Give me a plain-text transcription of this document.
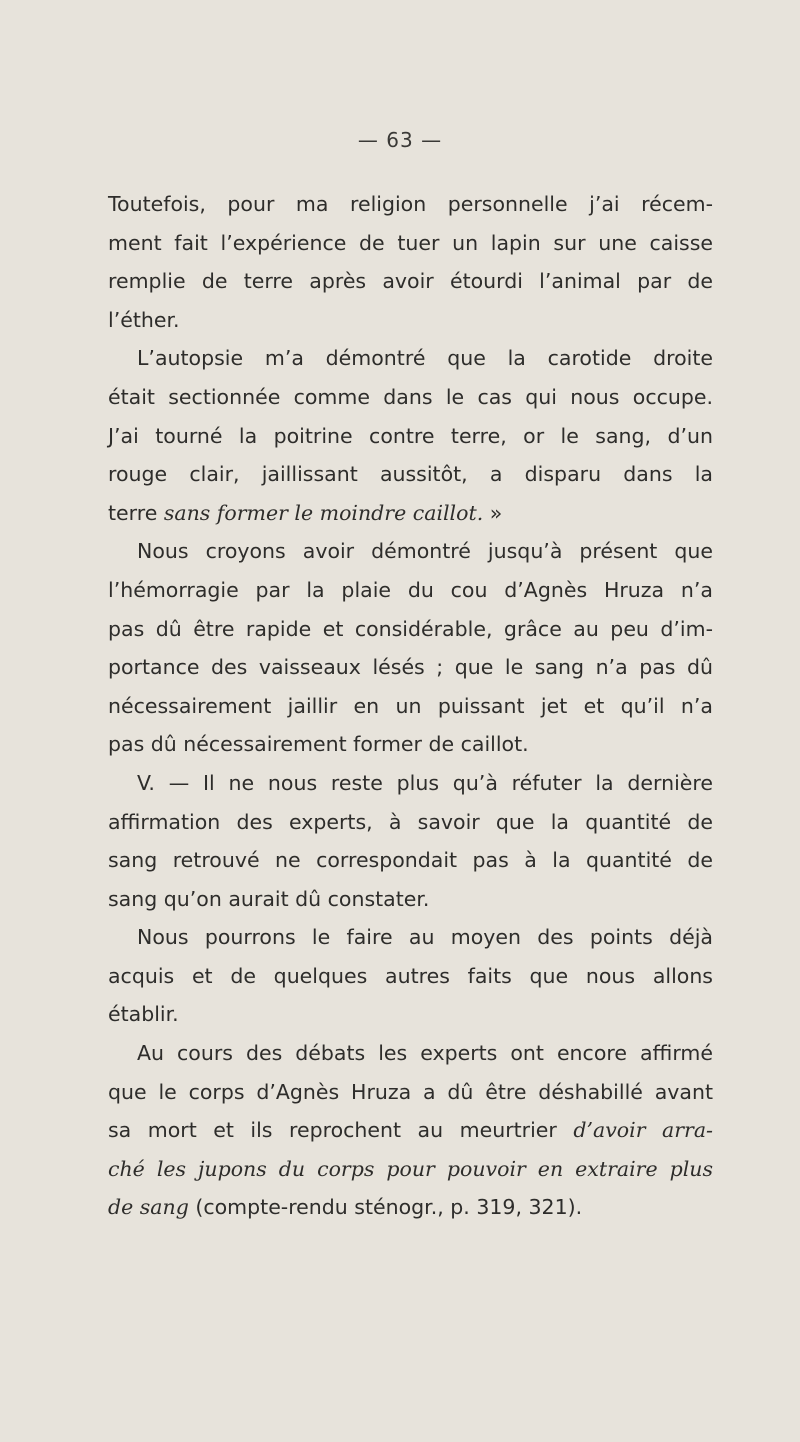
— 63 —
Toutefois, pour ma religion personnelle j’ai récem-
ment fait l’expérience de tuer un lapin sur une caisse
remplie de terre après avoir étourdi l’animal par de
l’éther.
L’autopsie m’a démontré que la carotide droite
était sectionnée comme dans le cas qui nous occupe.
J’ai tourné la poitrine contre terre, or le sang, d’un
rouge clair, jaillissant aussitôt, a disparu dans la
terre sans former le moindre caillot. »
Nous croyons avoir démontré jusqu’à présent que
l’hémorragie par la plaie du cou d’Agnès Hruza n’a
pas dû être rapide et considérable, grâce au peu d’im-
portance des vaisseaux lésés ; que le sang n’a pas dû
nécessairement jaillir en un puissant jet et qu’il n’a
pas dû nécessairement former de caillot.
V. — Il ne nous reste plus qu’à réfuter la dernière
affirmation des experts, à savoir que la quantité de
sang retrouvé ne correspondait pas à la quantité de
sang qu’on aurait dû constater.
Nous pourrons le faire au moyen des points déjà
acquis et de quelques autres faits que nous allons
établir.
Au cours des débats les experts ont encore affirmé
que le corps d’Agnès Hruza a dû être déshabillé avant
sa mort et ils reprochent au meurtrier d’avoir arra-
ché les jupons du corps pour pouvoir en extraire plus
de sang (compte-rendu sténogr., p. 319, 321).
